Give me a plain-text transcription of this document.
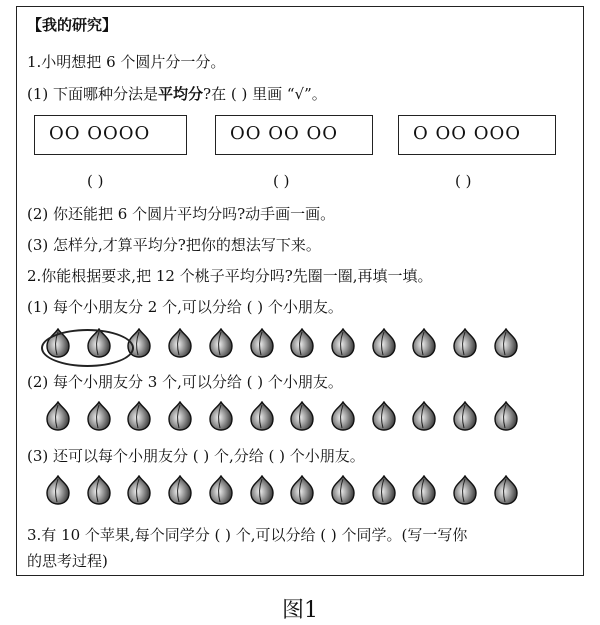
【我的研究】
1.小明想把 6 个圆片分一分。
(1) 下面哪种分法是平均分?在 ( ) 里画 “√”。
OO OOOO	OO OO OO	O OO OOO
( )	( )	( )
(2) 你还能把 6 个圆片平均分吗?动手画一画。
(3) 怎样分,才算平均分?把你的想法写下来。
2.你能根据要求,把 12 个桃子平均分吗?先圈一圈,再填一填。
(1) 每个小朋友分 2 个,可以分给 ( ) 个小朋友。
(2) 每个小朋友分 3 个,可以分给 ( ) 个小朋友。
(3) 还可以每个小朋友分 ( ) 个,分给 ( ) 个小朋友。
3.有 10 个苹果,每个同学分 ( ) 个,可以分给 ( ) 个同学。(写一写你
的思考过程)
图1
